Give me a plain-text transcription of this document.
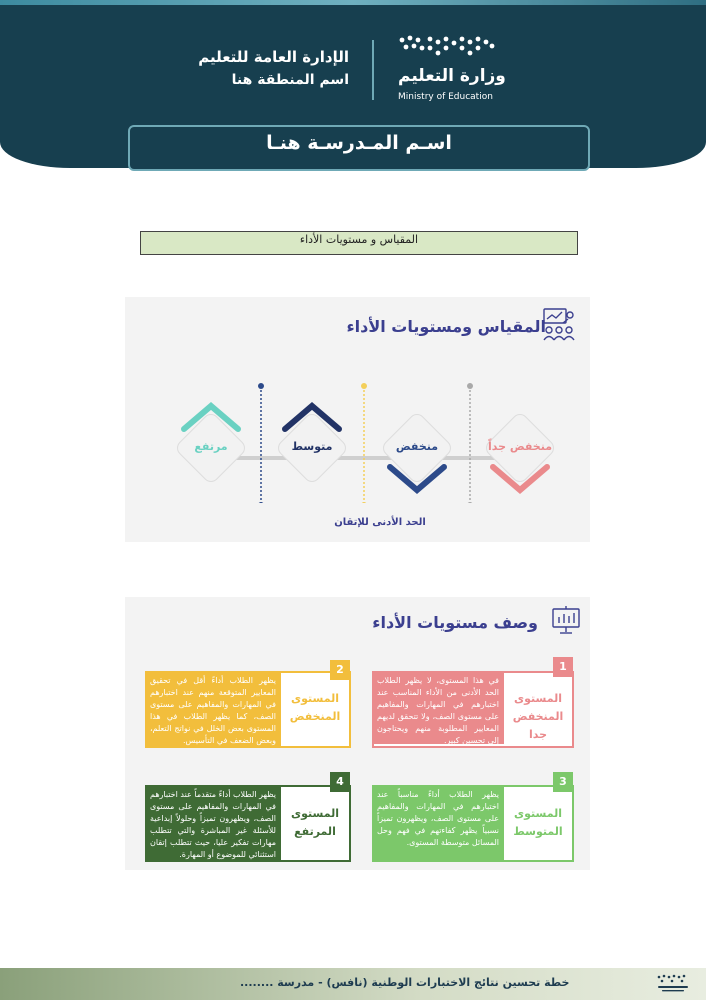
الإدارة العامة للتعليم
اسم المنطقة هنا	وزارة التعليم
Ministry of Education
اسـم المـدرسـة هنـا
المقياس و مستويات الأداء
المقياس ومستويات الأداء
منخفض جداً
منخفض
متوسط
مرتفع
الحد الأدنى للإتقان
وصف مستويات الأداء
في هذا المستوى، لا يظهر الطلاب الحد الأدنى من الأداء المناسب عند اختبارهم في المهارات والمفاهيم على مستوى الصف، ولا تتحقق لديهم المعايير المطلوبة منهم ويحتاجون إلى تحسين كبير.
المستوى المنخفض جدا
1
يظهر الطلاب أداءً أقل في تحقيق المعايير المتوقعة منهم عند اختبارهم في المهارات والمفاهيم على مستوى الصف، كما يظهر الطلاب في هذا المستوى بعض الخلل في نواتج التعلم، وبعض الضعف في التأسيس.
المستوى المنخفض
2
يظهر الطلاب أداءً مناسباً عند اختبارهم في المهارات والمفاهيم على مستوى الصف، ويظهرون تميزاً نسبياً يظهر كفاءتهم في فهم وحل المسائل متوسطة المستوى.
المستوى المتوسط
3
يظهر الطلاب أداءً متقدماً عند اختبارهم في المهارات والمفاهيم على مستوى الصف، ويظهرون تميزاً وحلولاً إبداعية للأسئلة غير المباشرة والتي تتطلب مهارات تفكير عليا، حيث تتطلب إتقان استثنائي للموضوع أو المهارة.
المستوى المرتفع
4
خطة تحسين نتائج الاختبارات الوطنية (نافس) - مدرسة ........
